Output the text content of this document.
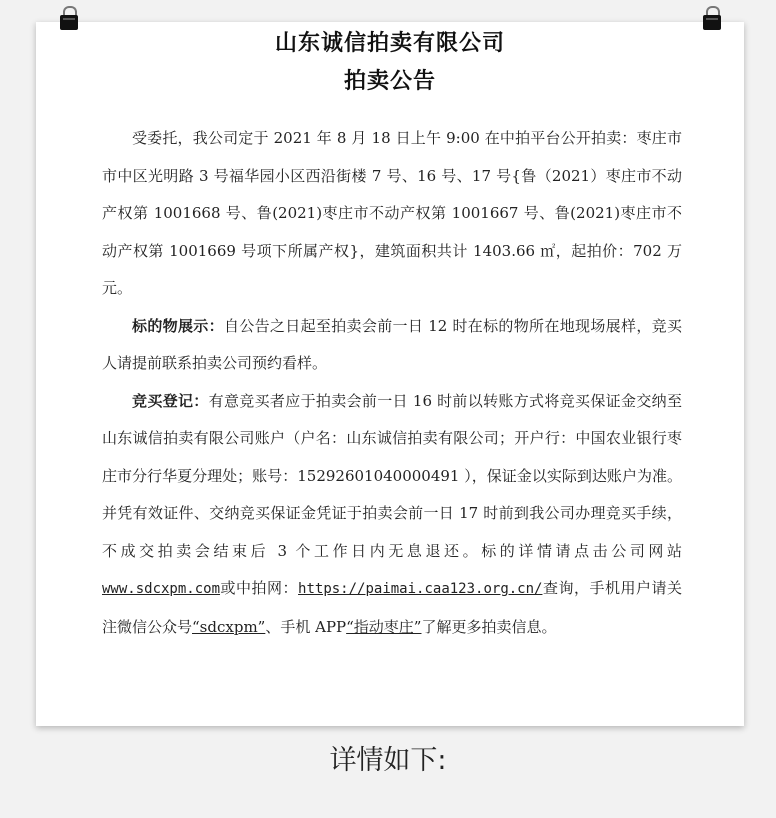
山东诚信拍卖有限公司
拍卖公告

受委托，我公司定于 2021 年 8 月 18 日上午 9:00 在中拍平台公开拍卖：枣庄市市中区光明路 3 号福华园小区西沿街楼 7 号、16 号、17 号{鲁（2021）枣庄市不动产权第 1001668 号、鲁(2021)枣庄市不动产权第 1001667 号、鲁(2021)枣庄市不动产权第 1001669 号项下所属产权}，建筑面积共计 1403.66 ㎡，起拍价：702 万元。

标的物展示：自公告之日起至拍卖会前一日 12 时在标的物所在地现场展样，竞买人请提前联系拍卖公司预约看样。

竞买登记：有意竞买者应于拍卖会前一日 16 时前以转账方式将竞买保证金交纳至山东诚信拍卖有限公司账户（户名：山东诚信拍卖有限公司；开户行：中国农业银行枣庄市分行华夏分理处；账号：15292601040000491 ），保证金以实际到达账户为准。并凭有效证件、交纳竞买保证金凭证于拍卖会前一日 17 时前到我公司办理竞买手续，不成交拍卖会结束后 3 个工作日内无息退还。标的详情请点击公司网站www.sdcxpm.com或中拍网：https://paimai.caa123.org.cn/查询，手机用户请关注微信公众号“sdcxpm”、手机 APP“指动枣庄”了解更多拍卖信息。

详情如下:
